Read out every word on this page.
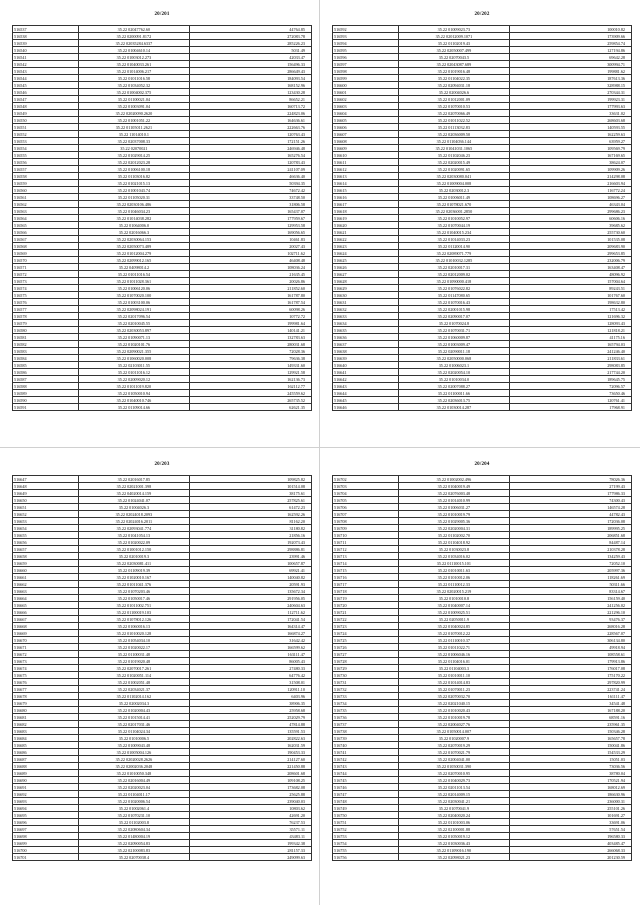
20/201
516537	35.22 02047762.60	44764.85
516538	35.22 0200091.8172	272083.78
516539	35.22 02035284.6337	285226.23
516540	35.22 01004610.14	5031.49
516541	35.22 01003012.273	42033.47
516542	35.22 01040033.261	156496.33
516543	35.22 01014006.217	286649.43
516544	35.22 01011016.58	184093.54
516545	35.22 01034052.32	168152.96
516546	35.22 01004002.375	123430.28
516547	35.22 01100021.04	86652.21
516548	35.22 01003091.04	160713.72
516549	35.22 02020090.2620	224823.06
516550	35.22 01001051.22	164636.61
516551	35.22 01105011.2621	222663.76
516552	35.22 11014010.1	120763.43
516553	35.22 02037008.33	172151.26
516554	35.22 02070021	246946.48
516555	35.22 01029014.25	165276.54
516556	35.22 02012023.28	120783.43
516557	35.22 01006100.18	241107.09
516558	35.22 01103016.82	46636.40
516559	35.22 01021015.13	50394.35
516560	35.22 01001043.74	74672.42
516561	35.22 01105020.31	33748.50
516562	35.22 02030106.486	31806.58
516563	35.22 01046034.23	165437.07
516564	35.22 01014038.282	177959.67
516565	35.22 01064006.0	129953.58
516566	35.22 02016066.3	169056.65
516567	35.22 02030064.153	10461.83
516568	35.22 02050073.489	20027.43
516569	35.22 01012004.279	102711.62
516570	35.22 02099012.165	46408.48
516571	35.22 04098014.2	108036.24
516572	35.22 01011016.54	21635.45
516573	35.22 01011028.361	20026.86
516574	35.22 01006120.06	211852.60
516575	35.22 01070020.100	161787.80
516576	35.22 01003100.06	161787.54
516577	35.22 02098024.191	60098.26
516578	35.22 02017096.54	10772.72
516579	35.22 02010045.55	199981.64
516580	35.22 02030053.897	140141.21
516581	35.22 01090071.13	132783.63
516582	35.22 01020101.76	280031.68
516583	35.22 02090021.355	72028.36
516584	35.22 01060020.008	79636.38
516585	35.22 02103011.55	149331.60
516586	35.22 01011016.12	129921.58
516587	35.22 02009020.12	162136.73
516588	35.22 01011019.820	162112.77
516589	35.22 01050010.94	245559.62
516590	35.22 01040010.746	265735.52
516591	35.22 01109014.66	62621.35
20/202
516592	35.22 01009023.73	100010.82
516593	35.22 02012009.1071	173909.66
516594	35.22 01102019.43	259854.74
516595	35.22 02050007.499	127194.86
516596	35.22 02070043.5	69642.28
516597	35.22 02043087.689	300994.71
516598	35.22 01019016.48	199881.62
516599	35.22 01104022.35	187613.36
516600	35.22 02094031.18	328988.15
516601	35.22 02004026.6	270344.31
516602	35.22 01012001.09	199923.31
516603	35.22 01070010.53	177993.63
516604	35.22 02070066.49	33631.02
516605	35.22 01011022.52	268603.68
516606	35.22 01113032.83	140593.55
516607	35.22 02036009.50	162259.63
516608	35.22 01104036.144	63959.27
516609	35.22 01041031.1065	109569.79
516610	35.22 01102046.23	167169.65
516611	35.22 02020015.49	38624.07
516612	35.22 01020091.65	109909.26
516613	35.22 02030080.041	214298.08
516614	35.22 01009004.008	216603.94
516615	35.22 02030012.3	116772.24
516616	35.22 01006011.49	108696.27
516617	35.22 01078021.670	46343.04
516618	35.22 02036001.2850	299686.23
516619	35.22 01010052.97	60606.16
516620	35.22 01070044.19	39685.62
516621	35.22 01040015.234	255730.60
516622	35.22 01014033.23	101535.08
516623	35.22 01120014.90	209683.90
516624	35.22 02089071.779	299653.85
516625	35.22 01010032.1285	232006.79
516626	35.22 02010017.31	163408.47
516627	35.22 02012009.02	48096.92
516628	35.22 01090000.418	157004.64
516629	35.22 01076022.82	89243.51
516630	35.22 01147080.65	101767.60
516631	35.22 01070016.43	198632.80
516632	35.22 02001015.98	17513.42
516633	35.22 02090017.07	121696.32
516634	35.22 01070024.8	128093.43
516635	35.22 01070031.71	121818.21
516636	35.22 01060009.87	41175.16
516637	35.22 01003009.47	165794.03
516638	35.22 02090011.18	241246.40
516639	35.22 02050000.068	211833.61
516640	35.22 01006023.1	298083.85
516641	35.22 02020054.10	217744.20
516642	35.22 01010034.0	189645.75
516643	35.22 02007088.27	72096.57
516644	35.22 01100011.66	73650.46
516645	35.22 02036013.75	120761.41
516646	35.22 01030014.287	17968.91
20/203
516647	35.22 02016017.85	109825.82
516648	35.22 02021001.398	101514.08
516649	35.22 04020014.159	38175.61
516650	35.22 01024041.07	257825.61
516651	35.22 01004026.3	61472.23
516652	35.22 02024018.2093	162592.26
516653	35.22 02024016.2011	81162.20
516654	35.22 02093041.774	31180.82
516655	35.22 01041054.13	21856.16
516656	35.22 01020022.09	192073.43
516657	35.22 01001012.150	298886.81
516658	35.22 02010019.3	23991.46
516659	35.22 02030081.411	100657.87
516660	35.22 01109019.39	69921.41
516661	35.22 01020010.167	140040.82
516662	35.22 01011041.376	20591.93
516663	35.22 01070203.46	135672.34
516664	35.22 01050017.46	291956.05
516665	35.22 01011002.751	240604.63
516666	35.22 01100019.103	112711.62
516667	35.22 01078012.126	172041.54
516668	35.22 01060016.13	164314.47
516669	35.22 01010020.128	166874.27
516670	35.22 01054034.10	31642.42
516671	35.22 01020022.17	166599.62
516672	35.22 01100031.48	163111.47
516673	35.22 01019020.48	86005.43
516674	35.22 02070017.261	27480.33
516675	35.22 01020051.114	64776.42
516676	35.22 01002051.48	31508.01
516677	35.22 02034021.37	120911.10
516678	35.22 01102014.162	6403.96
516679	35.22 02002034.3	38906.35
516680	35.22 01020004.43	25958.68
516681	35.22 01015014.41	252029.79
516682	35.22 02017031.46	47814.88
516683	35.22 01104024.34	135591.53
516684	35.22 01010006.5	202822.63
516685	35.22 01009043.48	162031.59
516686	35.22 01005004.126	190453.33
516687	35.22 02020028.2626	214127.60
516688	35.22 02002036.2048	221450.88
516689	35.22 01010050.348	208601.68
516690	35.22 02016004.49	109108.25
516691	35.22 02020023.04	173682.08
516692	35.22 01104011.17	25625.88
516693	35.22 01020006.54	239040.03
516694	35.22 01002061.4	10803.62
516695	35.22 01070231.10	42691.20
516696	35.22 01102003.8	76237.53
516697	35.22 02080604.34	35571.11
516698	35.22 01480004.19	43483.11
516699	35.22 02090054.83	199342.38
516700	35.22 02100083.83	281157.33
516701	35.22 02070038.4	249099.63
20/204
516702	35.22 01002002.496	78026.36
516703	35.22 01040019.49	27199.43
516704	35.22 02076003.48	177986.33
516705	35.22 01014010.99	74300.43
516706	35.22 01006031.27	146574.28
516707	35.22 01010019.79	44782.43
516708	35.22 01029005.36	172036.08
516709	35.22 02020004.31	189995.25
516710	35.22 01102002.70	206851.68
516711	35.22 01104018.92	84487.14
516712	35.22 01030023.8	210378.28
516713	35.22 01034016.02	134259.43
516714	35.22 01110015.101	72052.10
516715	35.22 01010011.63	205997.36
516716	35.22 01010012.06	118261.69
516717	35.22 01110012.33	50311.66
516718	35.22 02020015.219	83314.67
516719	35.22 01010010.8	156159.40
516720	35.22 01040007.14	241256.02
516721	35.22 01009025.51	221296.10
516722	35.22 02050011.9	93476.37
516723	35.22 01040024.85	268016.28
516724	35.22 01070012.22	228567.07
516725	35.22 01110010.37	306134.80
516726	35.22 01011022.71	49918.94
516727	35.22 01006046.16	108558.61
516728	35.22 01104016.01	179913.86
516729	35.22 01104003.3	176017.08
516730	35.22 01010011.10	175170.22
516731	35.22 01014014.83	297820.99
516732	35.22 01070011.23	223741.24
516733	35.22 02070032.70	161111.47
516734	35.22 02021040.15	34541.48
516735	35.22 01010020.43	167188.20
516736	35.22 01010019.78	68591.16
516737	35.22 02004027.76	235961.35
516738	35.22 01050014.007	150346.28
516739	35.22 01020007.9	165657.78
516740	35.22 02070019.29	150041.86
516741	35.22 01070021.79	154533.29
516742	35.22 02004041.00	15051.03
516743	35.22 01050031.390	73036.56
516744	35.22 02070010.95	38780.04
516745	35.22 01040029.73	170521.94
516746	35.22 02011013.54	168012.69
516747	35.22 02014009.15	186630.96
516748	35.22 02030041.21	236000.31
516749	35.22 01070041.9	255101.26
516750	35.22 02040020.24	101691.27
516751	35.22 01101003.06	33691.06
516752	35.22 02100001.88	57651.54
516753	35.22 01050019.12	196580.33
516754	35.22 01030036.43	403485.47
516755	35.22 01109016.190	266068.33
516756	35.22 02098021.23	201230.59
